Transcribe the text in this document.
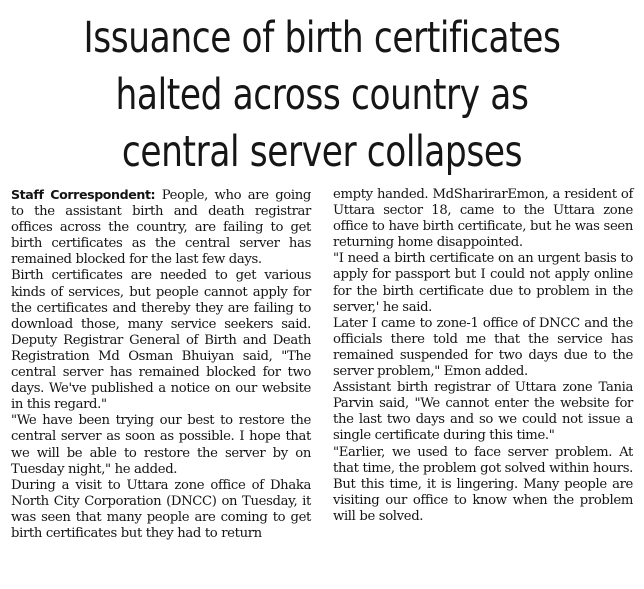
Issuance of birth certificates
halted across country as
central server collapses

Staff Correspondent: People, who are going to the assistant birth and death registrar offices across the country, are failing to get birth certificates as the central server has remained blocked for the last few days.

Birth certificates are needed to get various kinds of services, but people cannot apply for the certificates and thereby they are failing to download those, many service seekers said. Deputy Registrar General of Birth and Death Registration Md Osman Bhuiyan said, "The central server has remained blocked for two days. We've published a notice on our website in this regard."

"We have been trying our best to restore the central server as soon as possible. I hope that we will be able to restore the server by on Tuesday night," he added.

During a visit to Uttara zone office of Dhaka North City Corporation (DNCC) on Tuesday, it was seen that many people are coming to get birth certificates but they had to return

empty handed. MdSharirarEmon, a resident of Uttara sector 18, came to the Uttara zone office to have birth certificate, but he was seen returning home disappointed.

"I need a birth certificate on an urgent basis to apply for passport but I could not apply online for the birth certificate due to problem in the server,' he said.

Later I came to zone-1 office of DNCC and the officials there told me that the service has remained suspended for two days due to the server problem," Emon added.

Assistant birth registrar of Uttara zone Tania Parvin said, "We cannot enter the website for the last two days and so we could not issue a single certificate during this time."

"Earlier, we used to face server problem. At that time, the problem got solved within hours. But this time, it is lingering. Many people are visiting our office to know when the problem will be solved.
